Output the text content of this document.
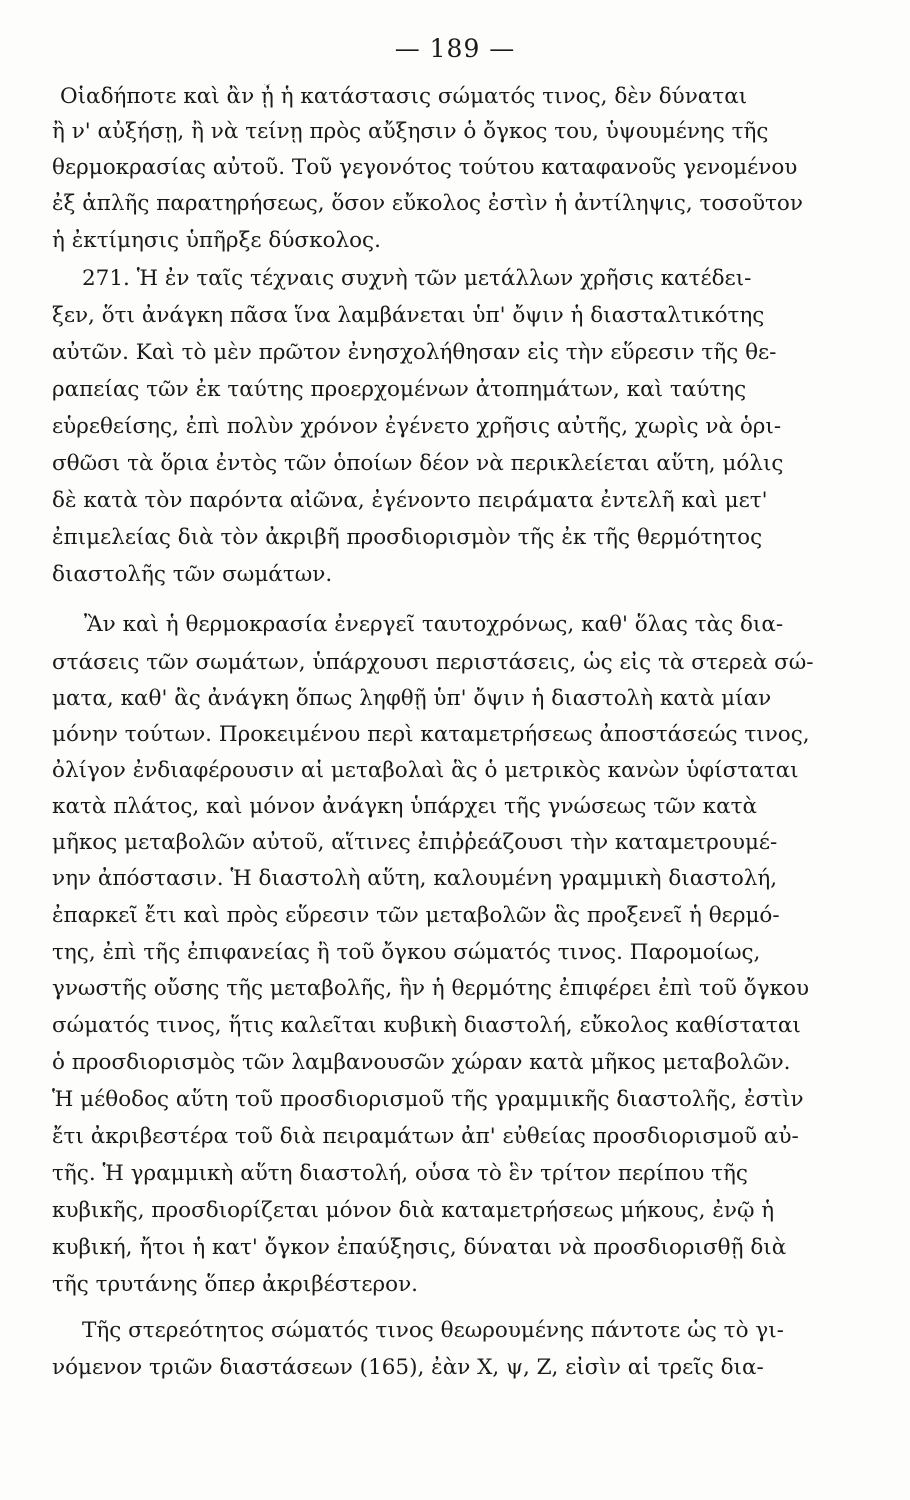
— 189 —
Οἱαδήποτε καὶ ἂν ᾖ ἡ κατάστασις σώματός τινος, δὲν δύναται
ἢ ν' αὐξήσῃ, ἢ νὰ τείνῃ πρὸς αὔξησιν ὁ ὄγκος του, ὑψουμένης τῆς
θερμοκρασίας αὐτοῦ. Τοῦ γεγονότος τούτου καταφανοῦς γενομένου
ἐξ ἁπλῆς παρατηρήσεως, ὅσον εὔκολος ἐστὶν ἡ ἀντίληψις, τοσοῦτον
ἡ ἐκτίμησις ὑπῆρξε δύσκολος.
271. Ἡ ἐν ταῖς τέχναις συχνὴ τῶν μετάλλων χρῆσις κατέδει-
ξεν, ὅτι ἀνάγκη πᾶσα ἵνα λαμβάνεται ὑπ' ὄψιν ἡ διασταλτικότης
αὐτῶν. Καὶ τὸ μὲν πρῶτον ἐνησχολήθησαν εἰς τὴν εὕρεσιν τῆς θε-
ραπείας τῶν ἐκ ταύτης προερχομένων ἀτοπημάτων, καὶ ταύτης
εὑρεθείσης, ἐπὶ πολὺν χρόνον ἐγένετο χρῆσις αὐτῆς, χωρὶς νὰ ὁρι-
σθῶσι τὰ ὅρια ἐντὸς τῶν ὁποίων δέον νὰ περικλείεται αὕτη, μόλις
δὲ κατὰ τὸν παρόντα αἰῶνα, ἐγένοντο πειράματα ἐντελῆ καὶ μετ'
ἐπιμελείας διὰ τὸν ἀκριβῆ προσδιορισμὸν τῆς ἐκ τῆς θερμότητος
διαστολῆς τῶν σωμάτων.
Ἂν καὶ ἡ θερμοκρασία ἐνεργεῖ ταυτοχρόνως, καθ' ὅλας τὰς δια-
στάσεις τῶν σωμάτων, ὑπάρχουσι περιστάσεις, ὡς εἰς τὰ στερεὰ σώ-
ματα, καθ' ἃς ἀνάγκη ὅπως ληφθῇ ὑπ' ὄψιν ἡ διαστολὴ κατὰ μίαν
μόνην τούτων. Προκειμένου περὶ καταμετρήσεως ἀποστάσεώς τινος,
ὀλίγον ἐνδιαφέρουσιν αἱ μεταβολαὶ ἃς ὁ μετρικὸς κανὼν ὑφίσταται
κατὰ πλάτος, καὶ μόνον ἀνάγκη ὑπάρχει τῆς γνώσεως τῶν κατὰ
μῆκος μεταβολῶν αὐτοῦ, αἵτινες ἐπιῤῥεάζουσι τὴν καταμετρουμέ-
νην ἀπόστασιν. Ἡ διαστολὴ αὕτη, καλουμένη γραμμικὴ διαστολή,
ἐπαρκεῖ ἔτι καὶ πρὸς εὕρεσιν τῶν μεταβολῶν ἃς προξενεῖ ἡ θερμό-
της, ἐπὶ τῆς ἐπιφανείας ἢ τοῦ ὄγκου σώματός τινος. Παρομοίως,
γνωστῆς οὔσης τῆς μεταβολῆς, ἣν ἡ θερμότης ἐπιφέρει ἐπὶ τοῦ ὄγκου
σώματός τινος, ἥτις καλεῖται κυβικὴ διαστολή, εὔκολος καθίσταται
ὁ προσδιορισμὸς τῶν λαμβανουσῶν χώραν κατὰ μῆκος μεταβολῶν.
Ἡ μέθοδος αὕτη τοῦ προσδιορισμοῦ τῆς γραμμικῆς διαστολῆς, ἐστὶν
ἔτι ἀκριβεστέρα τοῦ διὰ πειραμάτων ἀπ' εὐθείας προσδιορισμοῦ αὐ-
τῆς. Ἡ γραμμικὴ αὕτη διαστολή, οὖσα τὸ ἓν τρίτον περίπου τῆς
κυβικῆς, προσδιορίζεται μόνον διὰ καταμετρήσεως μήκους, ἐνῷ ἡ
κυβική, ἤτοι ἡ κατ' ὄγκον ἐπαύξησις, δύναται νὰ προσδιορισθῇ διὰ
τῆς τρυτάνης ὅπερ ἀκριβέστερον.
Τῆς στερεότητος σώματός τινος θεωρουμένης πάντοτε ὡς τὸ γι-
νόμενον τριῶν διαστάσεων (165), ἐὰν Χ, ψ, Ζ, εἰσὶν αἱ τρεῖς δια-
